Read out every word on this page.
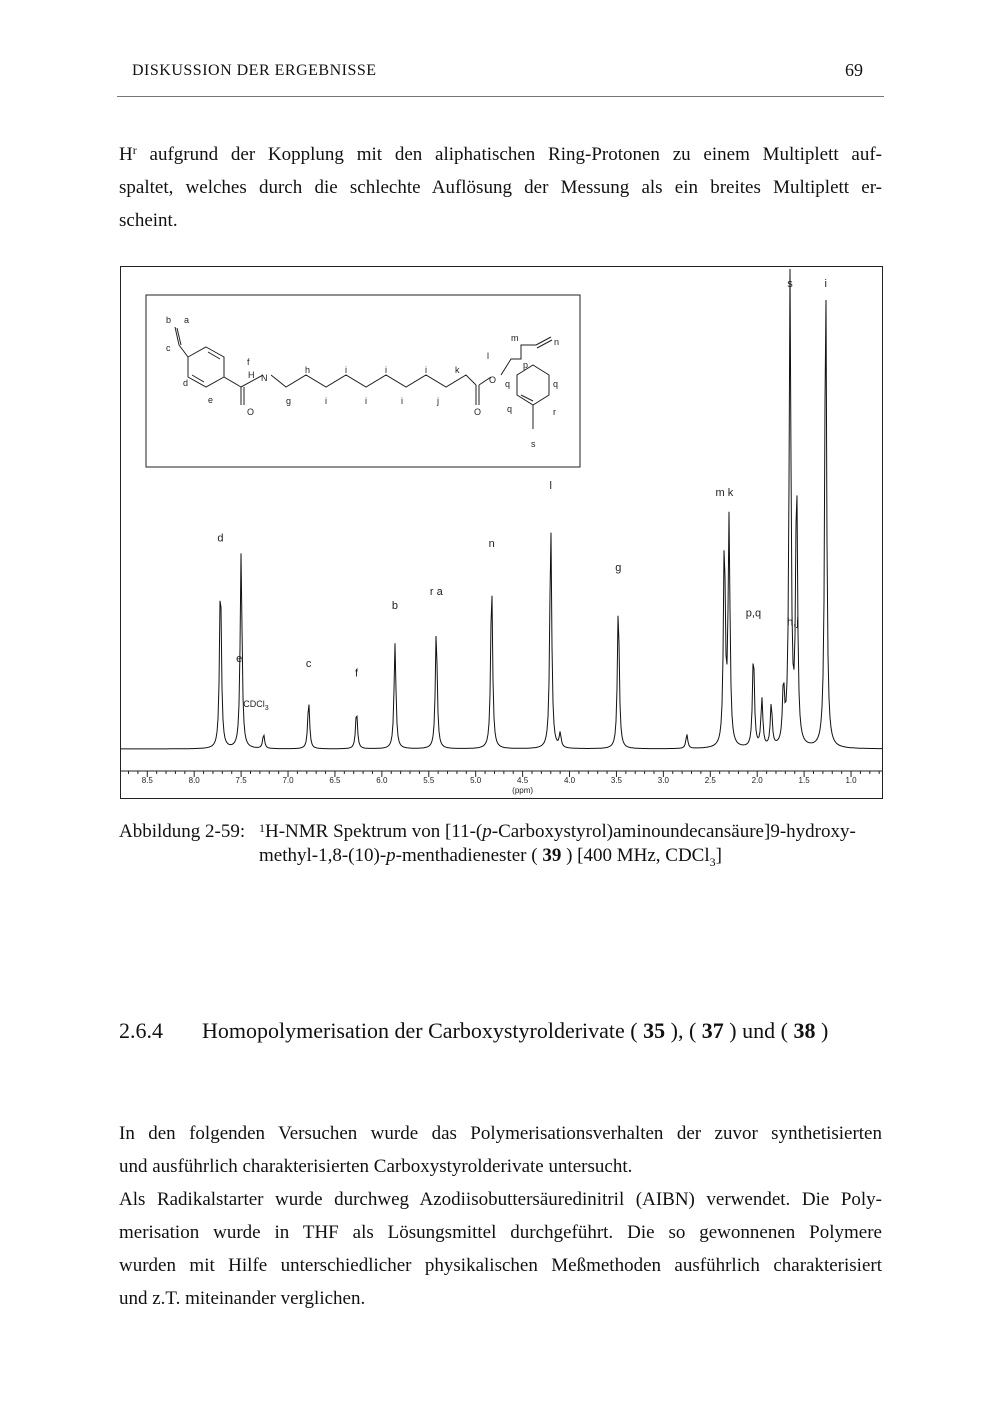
DISKUSSION DER ERGEBNISSE	69
$H^r$ aufgrund der Kopplung mit den aliphatischen Ring-Protonen zu einem Multiplett auf-
spaltet, welches durch die schlechte Auflösung der Messung als ein breites Multiplett er-
scheint.
b a
c
d
e
f
H N
g
h
i
i
i
i
i
i
j
k
O	O
O
l
m	n
p
q	q
q	r
s
8.5	8.0	7.5	7.0	6.5	6.0	5.5	5.0	4.5	4.0	3.5	3.0	2.5	2.0	1.5	1.0
(ppm)
d
e	c
f
b
r a
n
l
g
m k
p,q
h,j
s	i
CDCl$_3$
Abbildung 2-59: $^1$H-NMR Spektrum von [11-(p-Carboxystyrol)aminoundecansäure]9-hydroxy-
methyl-1,8-(10)-p-menthadienester ( 39 ) [400 MHz, CDCl$_3$]
2.6.4 Homopolymerisation der Carboxystyrolderivate ( 35 ), ( 37 ) und ( 38 )
In den folgenden Versuchen wurde das Polymerisationsverhalten der zuvor synthetisierten
und ausführlich charakterisierten Carboxystyrolderivate untersucht.
Als Radikalstarter wurde durchweg Azodiisobuttersäuredinitril (AIBN) verwendet. Die Poly-
merisation wurde in THF als Lösungsmittel durchgeführt. Die so gewonnenen Polymere
wurden mit Hilfe unterschiedlicher physikalischen Meßmethoden ausführlich charakterisiert
und z.T. miteinander verglichen.
